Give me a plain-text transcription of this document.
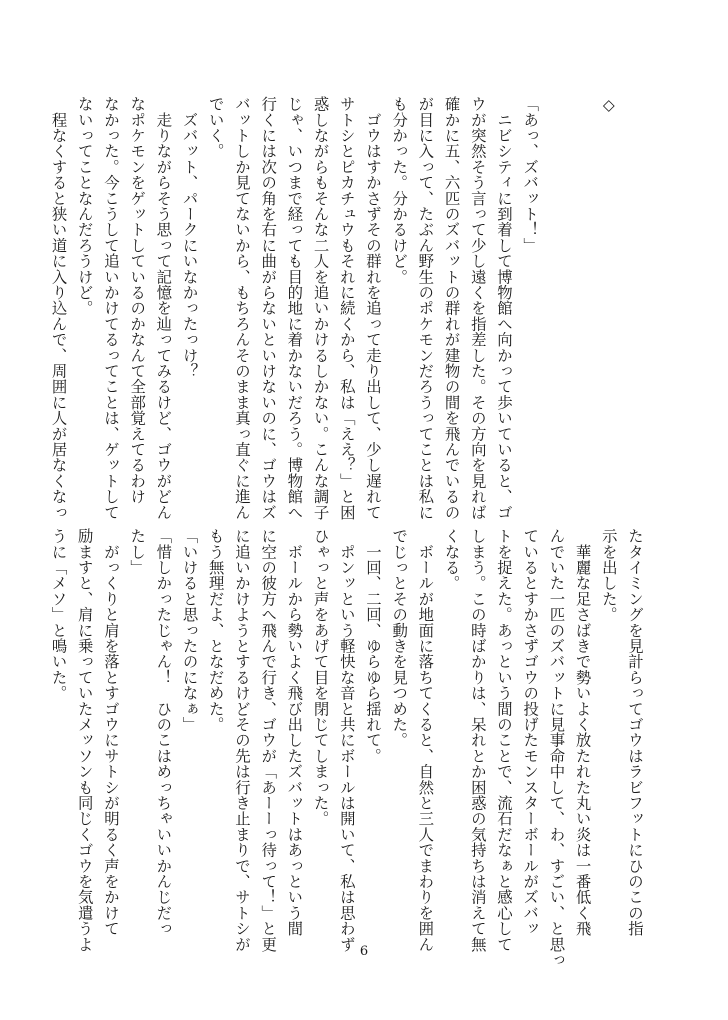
◇
「あっ、ズバット！」
　ニビシティに到着して博物館へ向かって歩いていると、ゴ
ウが突然そう言って少し遠くを指差した。その方向を見れば
確かに五、六匹のズバットの群れが建物の間を飛んでいるの
が目に入って、たぶん野生のポケモンだろうってことは私に
も分かった。分かるけど。
　ゴウはすかさずその群れを追って走り出して、少し遅れて
サトシとピカチュウもそれに続くから、私は「ええ？」と困
惑しながらもそんな二人を追いかけるしかない。こんな調子
じゃ、いつまで経っても目的地に着かないだろう。博物館へ
行くには次の角を右に曲がらないといけないのに、ゴウはズ
バットしか見てないから、もちろんそのまま真っ直ぐに進ん
でいく。
　ズバット、パークにいなかったっけ？
　走りながらそう思って記憶を辿ってみるけど、ゴウがどん
なポケモンをゲットしているのかなんて全部覚えてるわけ
なかった。今こうして追いかけてるってことは、ゲットして
ないってことなんだろうけど。
　程なくすると狭い道に入り込んで、周囲に人が居なくなっ
たタイミングを見計らってゴウはラビフットにひのこの指
示を出した。
　華麗な足さばきで勢いよく放たれた丸い炎は一番低く飛
んでいた一匹のズバットに見事命中して、わ、すごい、と思っ
ているとすかさずゴウの投げたモンスターボールがズバッ
トを捉えた。あっという間のことで、流石だなぁと感心して
しまう。この時ばかりは、呆れとか困惑の気持ちは消えて無
くなる。
　ボールが地面に落ちてくると、自然と三人でまわりを囲ん
でじっとその動きを見つめた。
　一回、二回、ゆらゆら揺れて。
　ポンッという軽快な音と共にボールは開いて、私は思わず
ひゃっと声をあげて目を閉じてしまった。
　ボールから勢いよく飛び出したズバットはあっという間
に空の彼方へ飛んで行き、ゴウが「あーーっ待って！」と更
に追いかけようとするけどその先は行き止まりで、サトシが
もう無理だよ、となだめた。
「いけると思ったのになぁ」
「惜しかったじゃん！　ひのこはめっちゃいいかんじだっ
たし」
　がっくりと肩を落とすゴウにサトシが明るく声をかけて
励ますと、肩に乗っていたメッソンも同じくゴウを気遣うよ
うに「メソ」と鳴いた。
6
